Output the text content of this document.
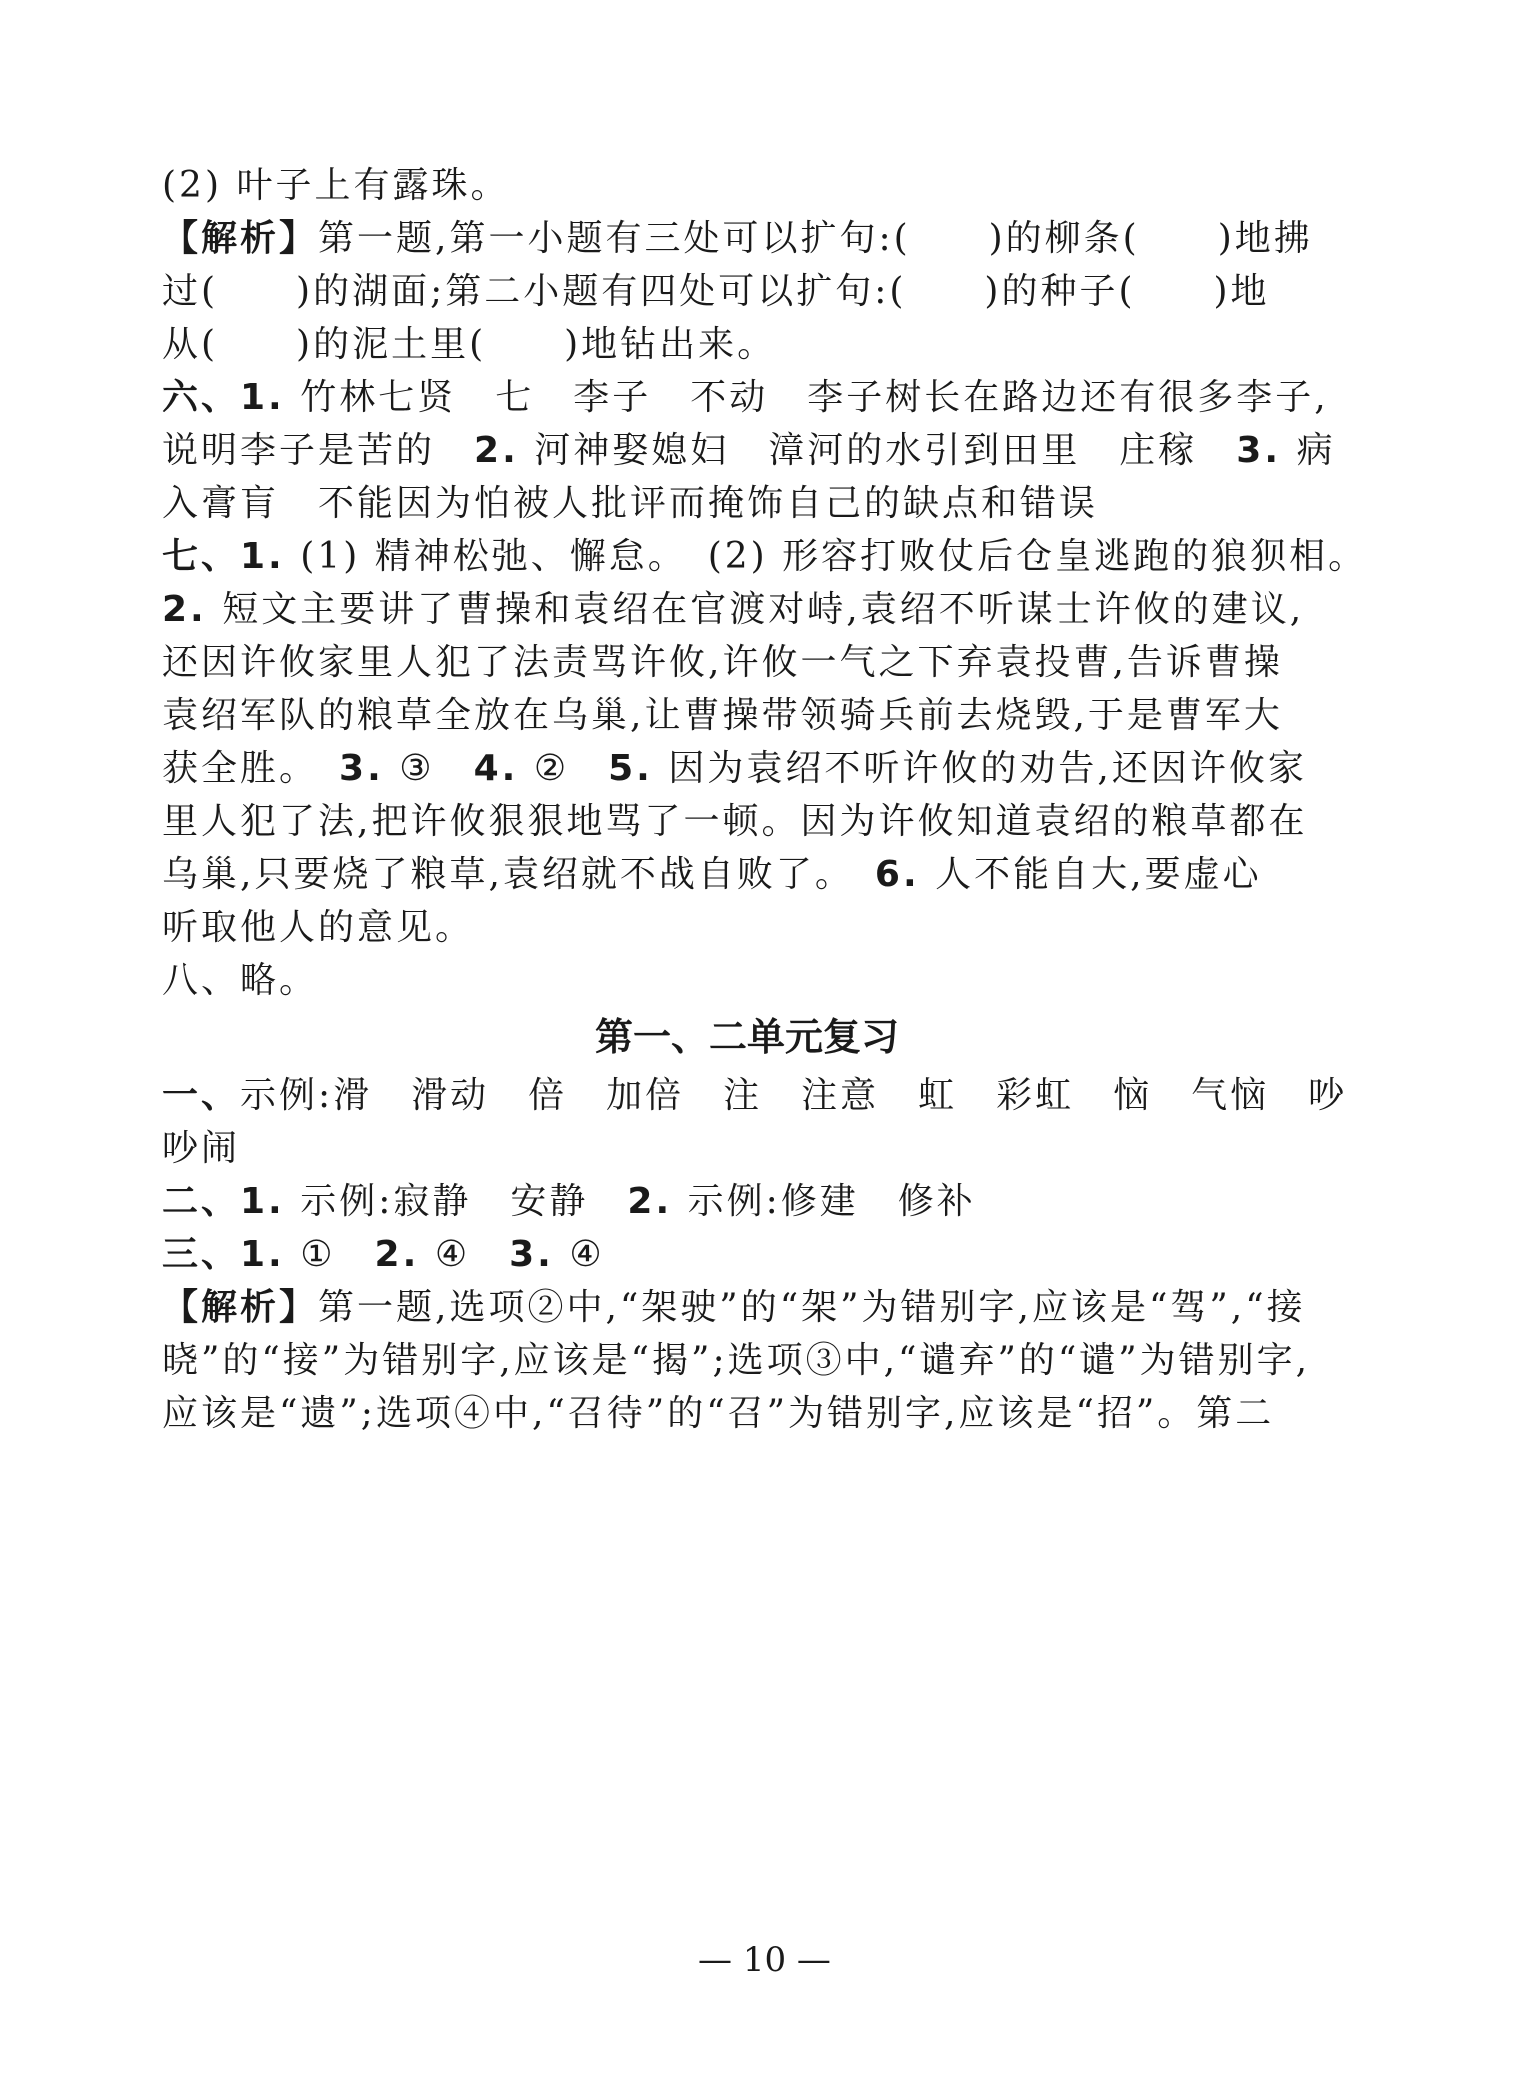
(2) 叶子上有露珠。
【解析】第一题,第一小题有三处可以扩句:(　　)的柳条(　　)地拂
过(　　)的湖面;第二小题有四处可以扩句:(　　)的种子(　　)地
从(　　)的泥土里(　　)地钻出来。
六、1. 竹林七贤　七　李子　不动　李子树长在路边还有很多李子,
说明李子是苦的　2. 河神娶媳妇　漳河的水引到田里　庄稼　3. 病
入膏肓　不能因为怕被人批评而掩饰自己的缺点和错误
七、1. (1) 精神松弛、懈怠。　(2) 形容打败仗后仓皇逃跑的狼狈相。
2. 短文主要讲了曹操和袁绍在官渡对峙,袁绍不听谋士许攸的建议,
还因许攸家里人犯了法责骂许攸,许攸一气之下弃袁投曹,告诉曹操
袁绍军队的粮草全放在乌巢,让曹操带领骑兵前去烧毁,于是曹军大
获全胜。　3. ③　4. ②　5. 因为袁绍不听许攸的劝告,还因许攸家
里人犯了法,把许攸狠狠地骂了一顿。因为许攸知道袁绍的粮草都在
乌巢,只要烧了粮草,袁绍就不战自败了。　6. 人不能自大,要虚心
听取他人的意见。
八、略。
第一、二单元复习
一、示例:滑　滑动　倍　加倍　注　注意　虹　彩虹　恼　气恼　吵
吵闹
二、1. 示例:寂静　安静　2. 示例:修建　修补
三、1. ①　2. ④　3. ④
【解析】第一题,选项②中,“架驶”的“架”为错别字,应该是“驾”,“接
晓”的“接”为错别字,应该是“揭”;选项③中,“谴弃”的“谴”为错别字,
应该是“遗”;选项④中,“召待”的“召”为错别字,应该是“招”。第二
— 10 —
